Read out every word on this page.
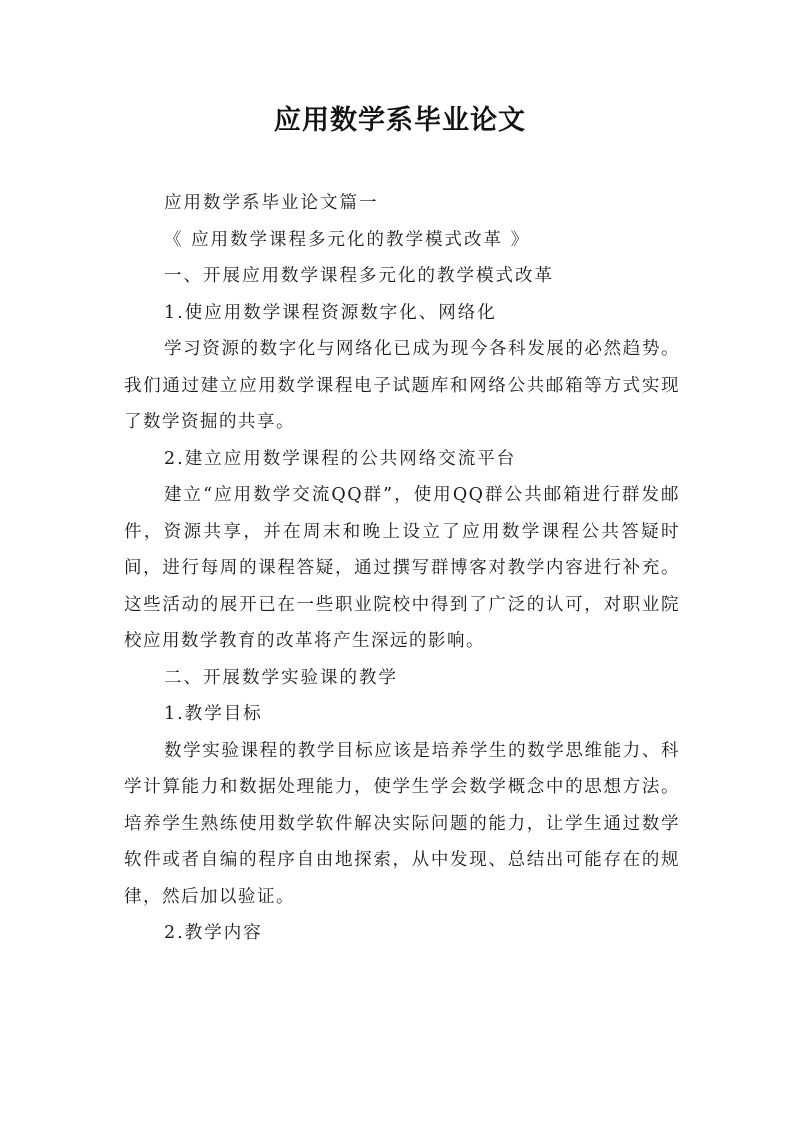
应用数学系毕业论文

应用数学系毕业论文篇一

《 应用数学课程多元化的教学模式改革 》

一、开展应用数学课程多元化的教学模式改革

1.使应用数学课程资源数字化、网络化

学习资源的数字化与网络化已成为现今各科发展的必然趋势。我们通过建立应用数学课程电子试题库和网络公共邮箱等方式实现了数学资掘的共享。

2.建立应用数学课程的公共网络交流平台

建立“应用数学交流QQ群”，使用QQ群公共邮箱进行群发邮件，资源共享，并在周末和晚上设立了应用数学课程公共答疑时间，进行每周的课程答疑，通过撰写群博客对教学内容进行补充。这些活动的展开已在一些职业院校中得到了广泛的认可，对职业院校应用数学教育的改革将产生深远的影响。

二、开展数学实验课的教学

1.教学目标

数学实验课程的教学目标应该是培养学生的数学思维能力、科学计算能力和数据处理能力，使学生学会数学概念中的思想方法。培养学生熟练使用数学软件解决实际问题的能力，让学生通过数学软件或者自编的程序自由地探索，从中发现、总结出可能存在的规律，然后加以验证。

2.教学内容
